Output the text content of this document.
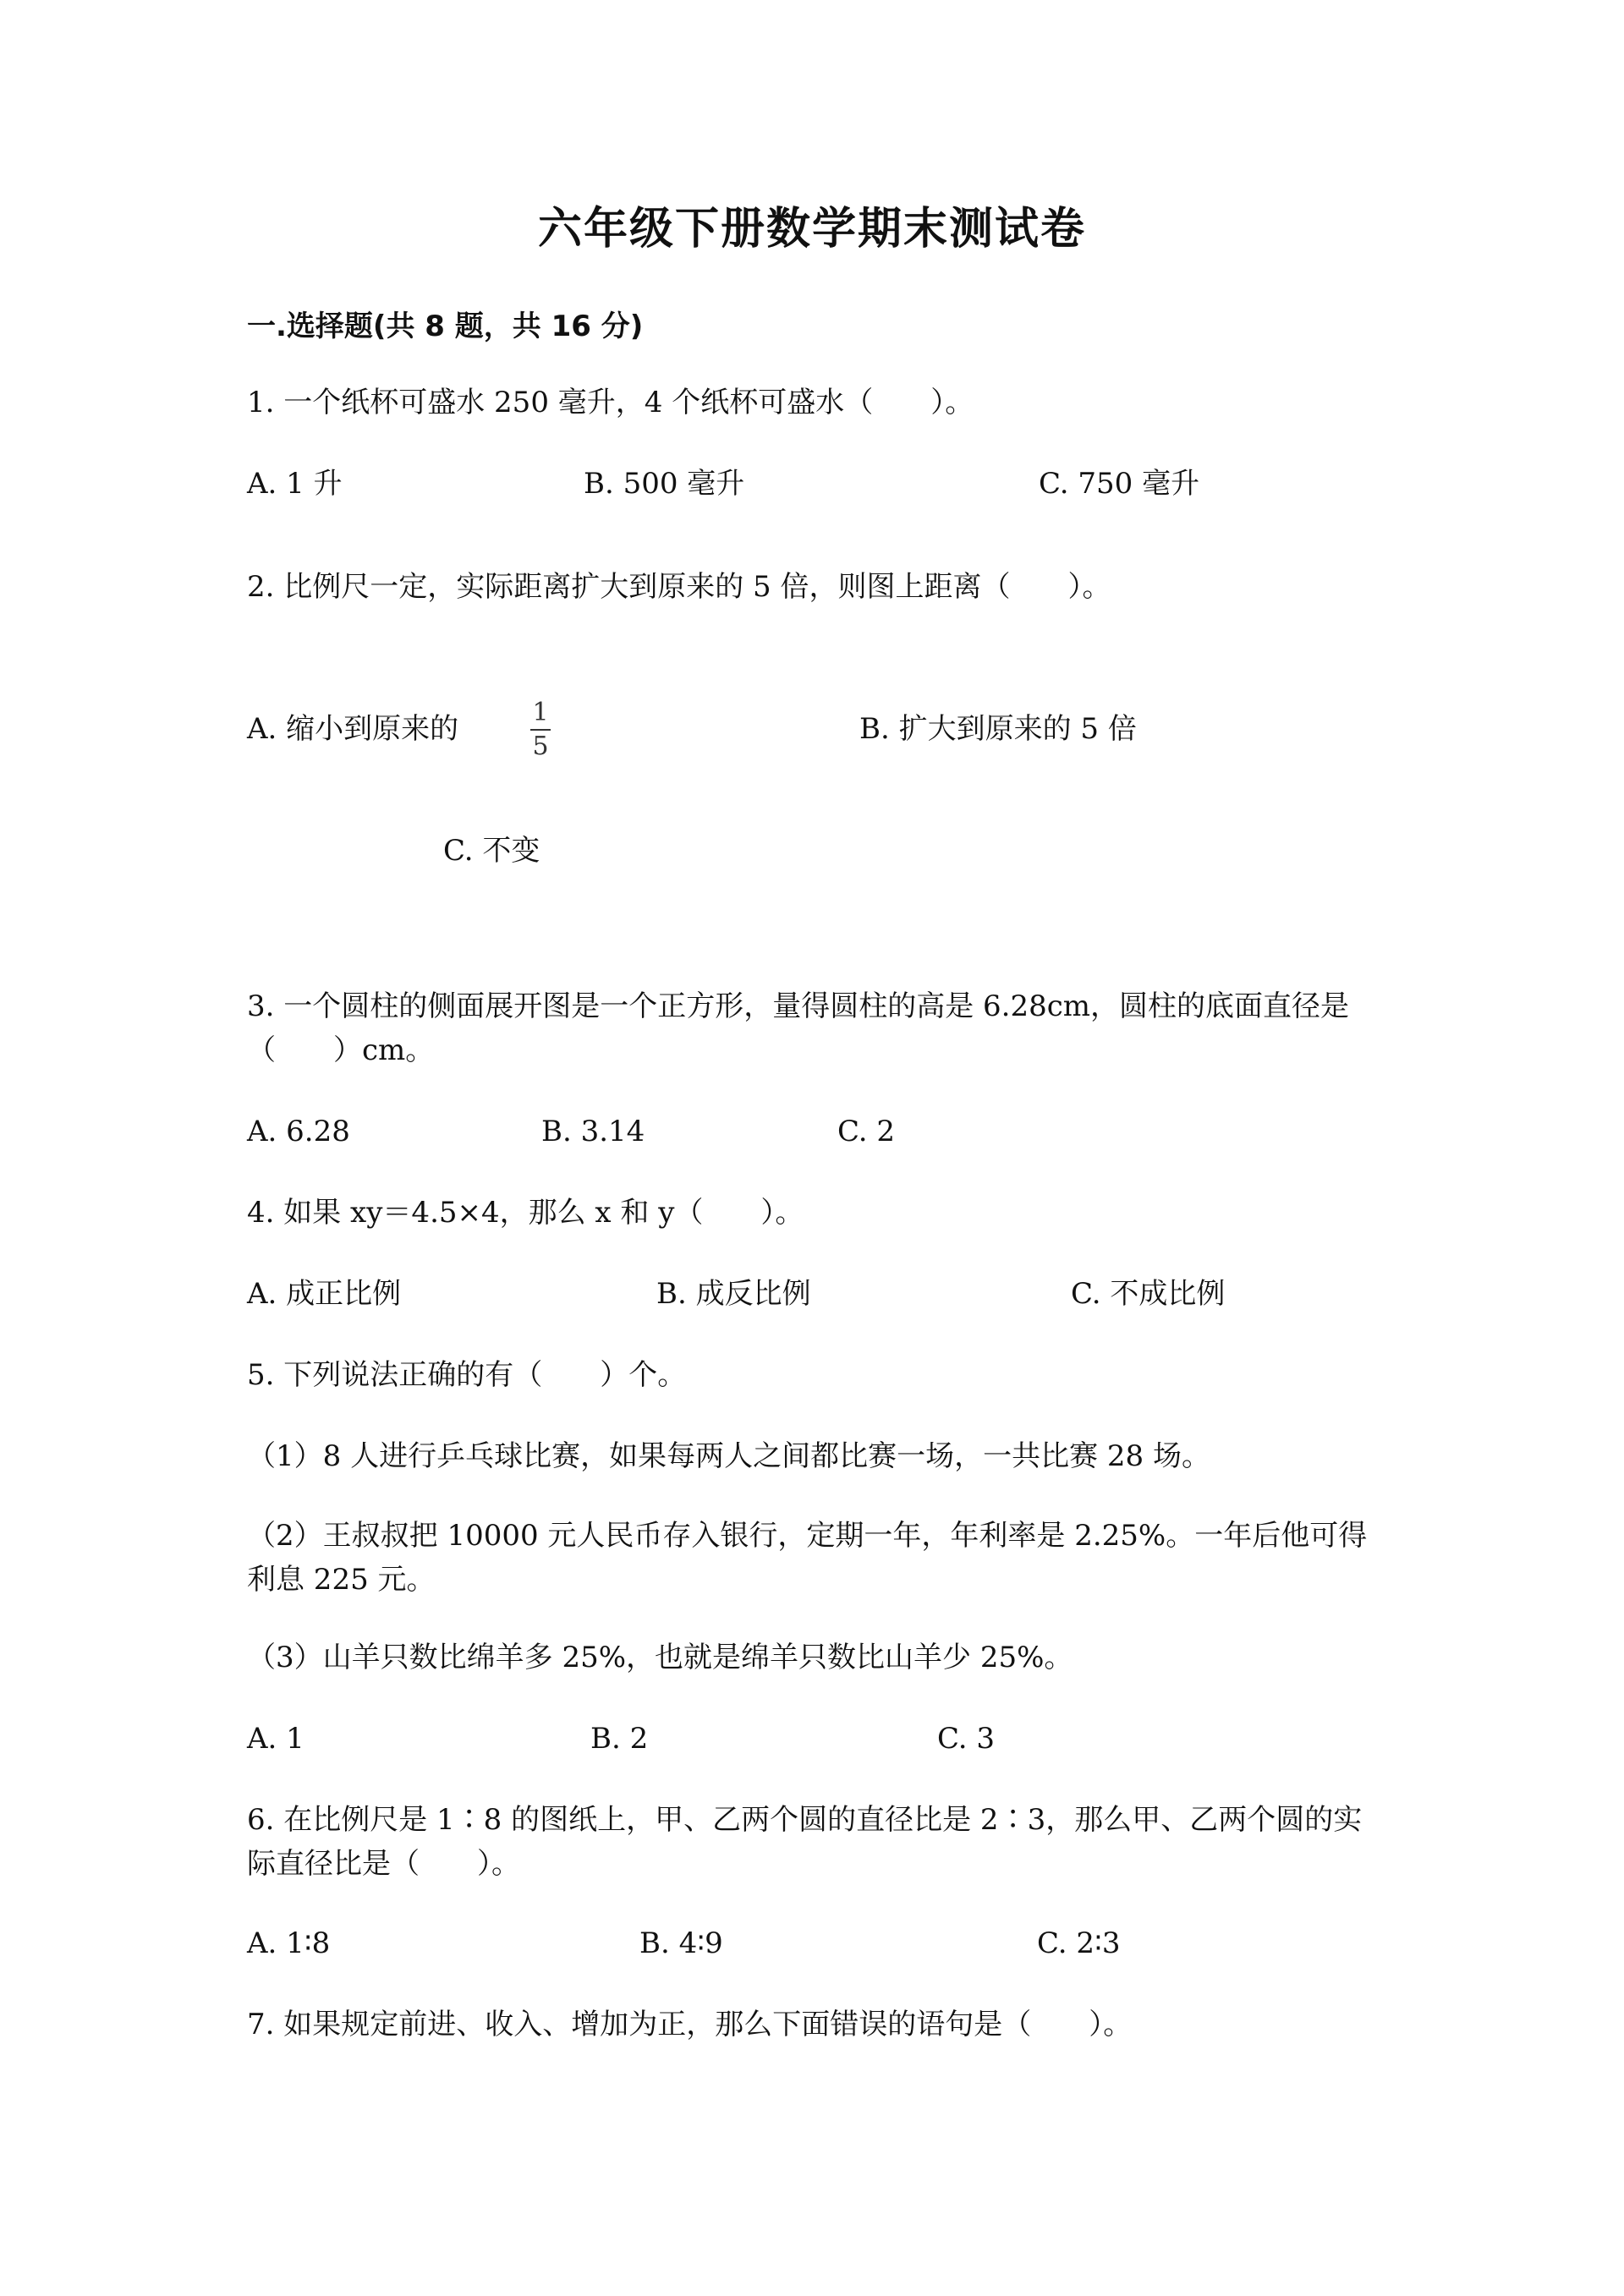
六年级下册数学期末测试卷
一.选择题(共 8 题，共 16 分)
1. 一个纸杯可盛水 250 毫升，4 个纸杯可盛水（　　）。
A. 1 升	B. 500 毫升	C. 750 毫升
2. 比例尺一定，实际距离扩大到原来的 5 倍，则图上距离（　　）。
A. 缩小到原来的	1
5
B. 扩大到原来的 5 倍
C. 不变
3. 一个圆柱的侧面展开图是一个正方形，量得圆柱的高是 6.28cm，圆柱的底面直径是（　　）cm。
A. 6.28	B. 3.14	C. 2
4. 如果 xy＝4.5×4，那么 x 和 y（　　）。
A. 成正比例	B. 成反比例	C. 不成比例
5. 下列说法正确的有（　　）个。
（1）8 人进行乒乓球比赛，如果每两人之间都比赛一场，一共比赛 28 场。
（2）王叔叔把 10000 元人民币存入银行，定期一年，年利率是 2.25%。一年后他可得利息 225 元。
（3）山羊只数比绵羊多 25%，也就是绵羊只数比山羊少 25%。
A. 1	B. 2	C. 3
6. 在比例尺是 1∶8 的图纸上，甲、乙两个圆的直径比是 2∶3，那么甲、乙两个圆的实际直径比是（　　）。
A. 1∶8	B. 4∶9	C. 2∶3
7. 如果规定前进、收入、增加为正，那么下面错误的语句是（　　）。
